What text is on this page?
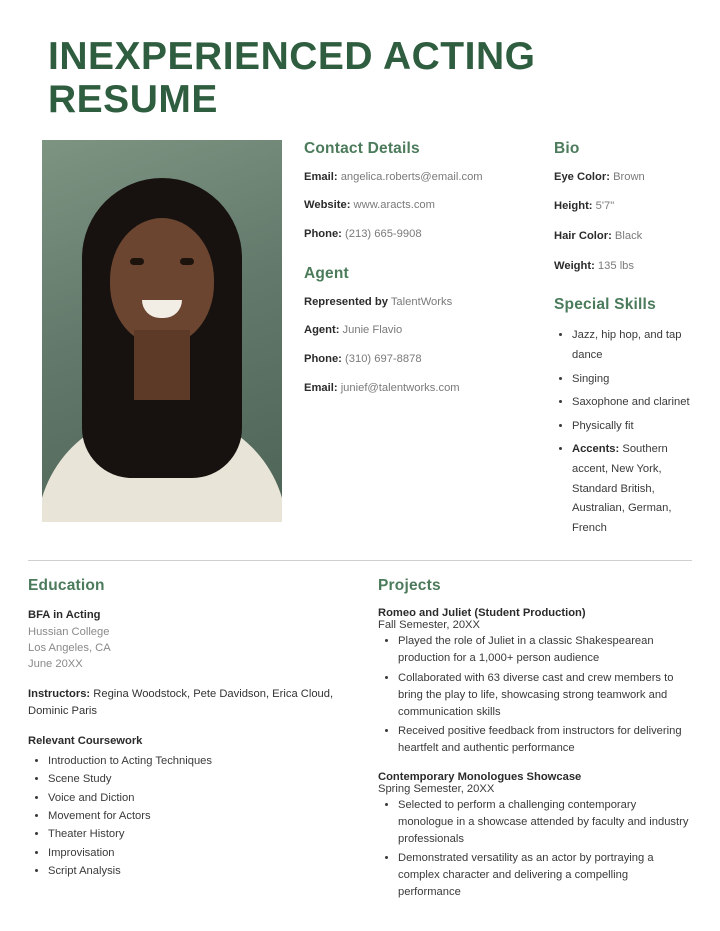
INEXPERIENCED ACTING RESUME
Contact Details
Email: angelica.roberts@email.com
Website: www.aracts.com
Phone: (213) 665-9908
Agent
Represented by TalentWorks
Agent: Junie Flavio
Phone: (310) 697-8878
Email: junief@talentworks.com
Bio
Eye Color: Brown
Height: 5'7"
Hair Color: Black
Weight: 135 lbs
Special Skills
• Jazz, hip hop, and tap dance
• Singing
• Saxophone and clarinet
• Physically fit
• Accents: Southern accent, New York, Standard British, Australian, German, French
Education
BFA in Acting
Hussian College
Los Angeles, CA
June 20XX
Instructors: Regina Woodstock, Pete Davidson, Erica Cloud, Dominic Paris
Relevant Coursework
• Introduction to Acting Techniques
• Scene Study
• Voice and Diction
• Movement for Actors
• Theater History
• Improvisation
• Script Analysis
Projects
Romeo and Juliet (Student Production)
Fall Semester, 20XX
• Played the role of Juliet in a classic Shakespearean production for a 1,000+ person audience
• Collaborated with 63 diverse cast and crew members to bring the play to life, showcasing strong teamwork and communication skills
• Received positive feedback from instructors for delivering heartfelt and authentic performance
Contemporary Monologues Showcase
Spring Semester, 20XX
• Selected to perform a challenging contemporary monologue in a showcase attended by faculty and industry professionals
• Demonstrated versatility as an actor by portraying a complex character and delivering a compelling performance
